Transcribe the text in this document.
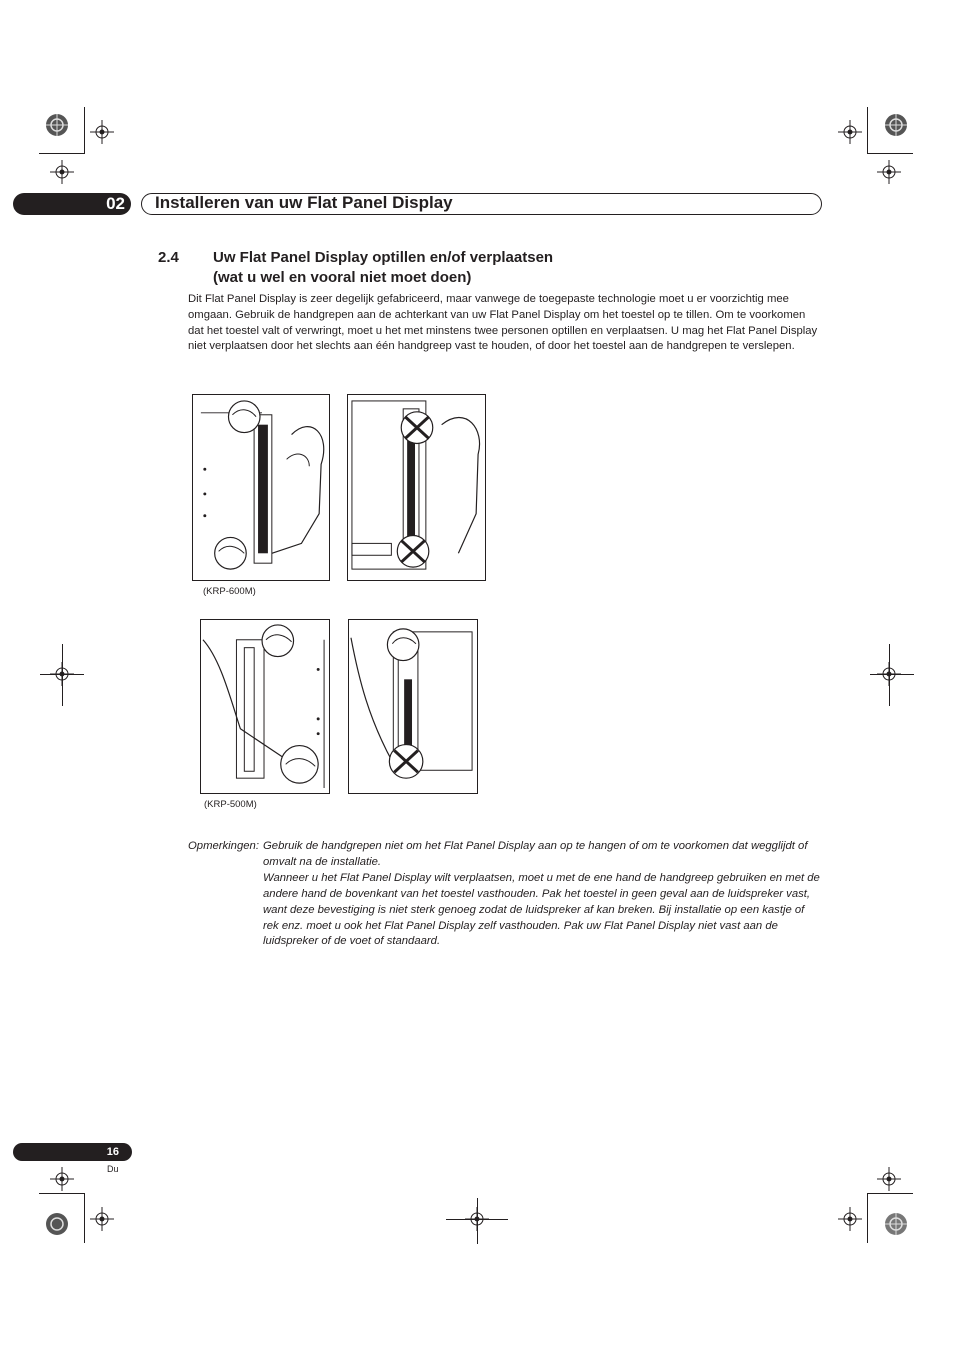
02	Installeren van uw Flat Panel Display
2.4 Uw Flat Panel Display optillen en/of verplaatsen
(wat u wel en vooral niet moet doen)
Dit Flat Panel Display is zeer degelijk gefabriceerd, maar vanwege de toegepaste technologie moet u er voorzichtig mee omgaan. Gebruik de handgrepen aan de achterkant van uw Flat Panel Display om het toestel op te tillen. Om te voorkomen dat het toestel valt of verwringt, moet u het met minstens twee personen optillen en verplaatsen. U mag het Flat Panel Display niet verplaatsen door het slechts aan één handgreep vast te houden, of door het toestel aan de handgrepen te verslepen.
(KRP-600M)
(KRP-500M)
Opmerkingen: Gebruik de handgrepen niet om het Flat Panel Display aan op te hangen of om te voorkomen dat wegglijdt of omvalt na de installatie.

Wanneer u het Flat Panel Display wilt verplaatsen, moet u met de ene hand de handgreep gebruiken en met de andere hand de bovenkant van het toestel vasthouden. Pak het toestel in geen geval aan de luidspreker vast, want deze bevestiging is niet sterk genoeg zodat de luidspreker af kan breken. Bij installatie op een kastje of rek enz. moet u ook het Flat Panel Display zelf vasthouden. Pak uw Flat Panel Display niet vast aan de luidspreker of de voet of standaard.

16
Du
